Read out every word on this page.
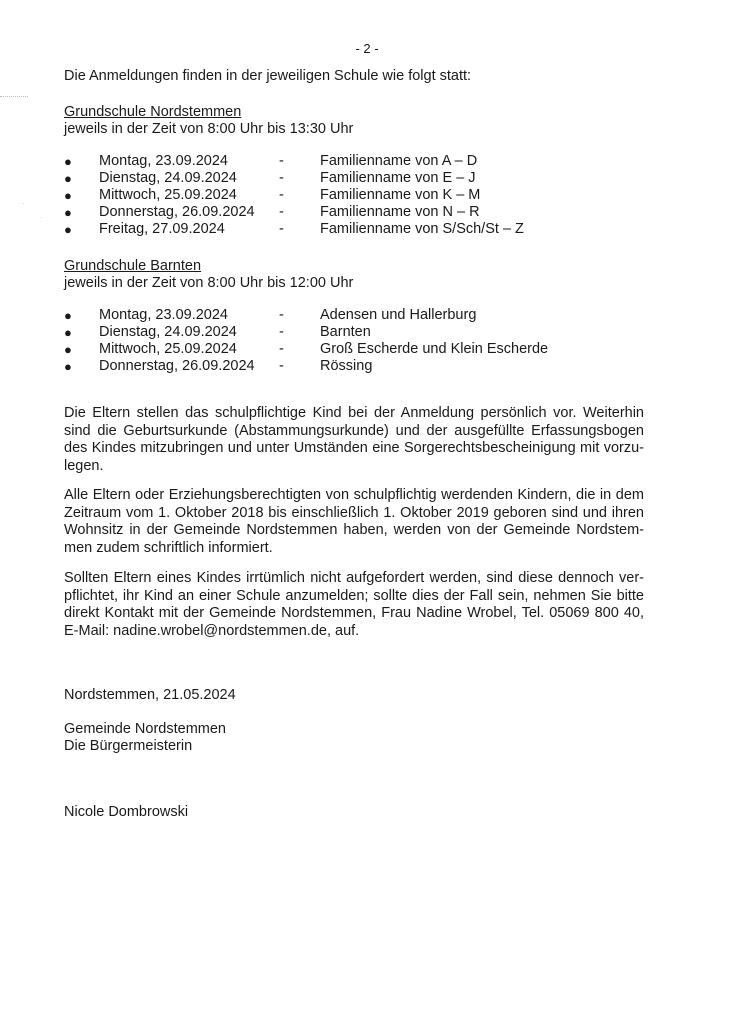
·
·
- 2 -
Die Anmeldungen finden in der jeweiligen Schule wie folgt statt:
Grundschule Nordstemmen
jeweils in der Zeit von 8:00 Uhr bis 13:30 Uhr
● Montag, 23.09.2024	- Familienname von A – D
● Dienstag, 24.09.2024	- Familienname von E – J
● Mittwoch, 25.09.2024	- Familienname von K – M
● Donnerstag, 26.09.2024 - Familienname von N – R
● Freitag, 27.09.2024	- Familienname von S/Sch/St – Z
Grundschule Barnten
jeweils in der Zeit von 8:00 Uhr bis 12:00 Uhr
● Montag, 23.09.2024	- Adensen und Hallerburg
● Dienstag, 24.09.2024	- Barnten
● Mittwoch, 25.09.2024	- Groß Escherde und Klein Escherde
● Donnerstag, 26.09.2024 - Rössing
Die Eltern stellen das schulpflichtige Kind bei der Anmeldung persönlich vor. Weiterhin sind die Geburtsurkunde (Abstammungsurkunde) und der ausgefüllte Erfassungsbogen des Kindes mitzubringen und unter Umständen eine Sorgerechtsbescheinigung mit vorzulegen.
Alle Eltern oder Erziehungsberechtigten von schulpflichtig werdenden Kindern, die in dem Zeitraum vom 1. Oktober 2018 bis einschließlich 1. Oktober 2019 geboren sind und ihren Wohnsitz in der Gemeinde Nordstemmen haben, werden von der Gemeinde Nordstemmen zudem schriftlich informiert.
Sollten Eltern eines Kindes irrtümlich nicht aufgefordert werden, sind diese dennoch verpflichtet, ihr Kind an einer Schule anzumelden; sollte dies der Fall sein, nehmen Sie bitte direkt Kontakt mit der Gemeinde Nordstemmen, Frau Nadine Wrobel, Tel. 05069 800 40, E-Mail: nadine.wrobel@nordstemmen.de, auf.
Nordstemmen, 21.05.2024
Gemeinde Nordstemmen
Die Bürgermeisterin
Nicole Dombrowski
